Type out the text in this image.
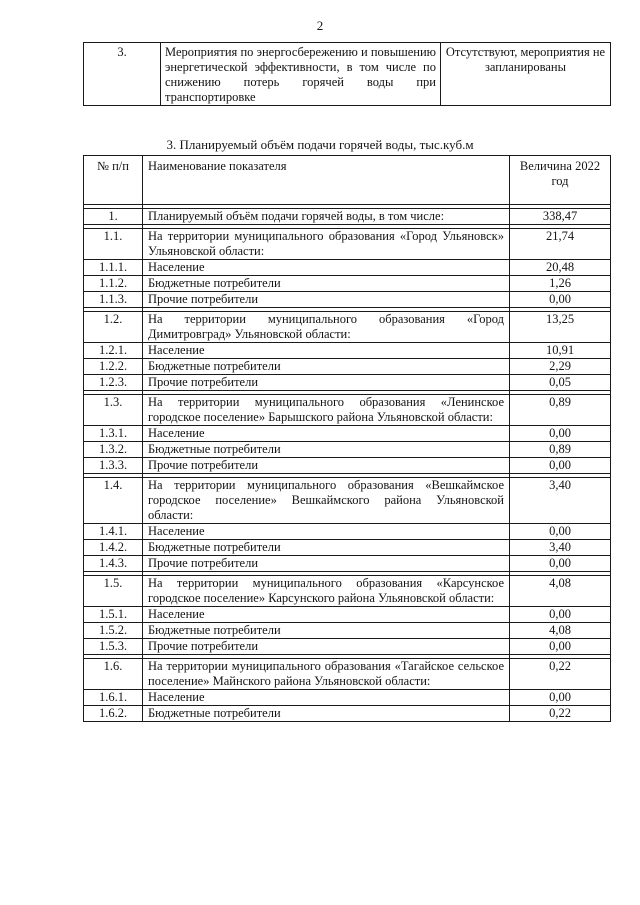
2
3.	Мероприятия по энергосбережению и повышению энергетической эффективности, в том числе по снижению потерь горячей воды при транспортировке	Отсутствуют, мероприятия не запланированы
3. Планируемый объём подачи горячей воды, тыс.куб.м
№ п/п	Наименование показателя	Величина 2022 год

1.	Планируемый объём подачи горячей воды, в том числе:	338,47

1.1.	На территории муниципального образования «Город Ульяновск» Ульяновской области:	21,74
1.1.1.	Население	20,48
1.1.2.	Бюджетные потребители	1,26
1.1.3.	Прочие потребители	0,00

1.2.	На территории муниципального образования «Город Димитровград» Ульяновской области:	13,25
1.2.1.	Население	10,91
1.2.2.	Бюджетные потребители	2,29
1.2.3.	Прочие потребители	0,05

1.3.	На территории муниципального образования «Ленинское городское поселение» Барышского района Ульяновской области:	0,89
1.3.1.	Население	0,00
1.3.2.	Бюджетные потребители	0,89
1.3.3.	Прочие потребители	0,00

1.4.	На территории муниципального образования «Вешкаймское городское поселение» Вешкаймского района Ульяновской области:	3,40
1.4.1.	Население	0,00
1.4.2.	Бюджетные потребители	3,40
1.4.3.	Прочие потребители	0,00

1.5.	На территории муниципального образования «Карсунское городское поселение» Карсунского района Ульяновской области:	4,08
1.5.1.	Население	0,00
1.5.2.	Бюджетные потребители	4,08
1.5.3.	Прочие потребители	0,00

1.6.	На территории муниципального образования «Тагайское сельское поселение» Майнского района Ульяновской области:	0,22
1.6.1.	Население	0,00
1.6.2.	Бюджетные потребители	0,22
